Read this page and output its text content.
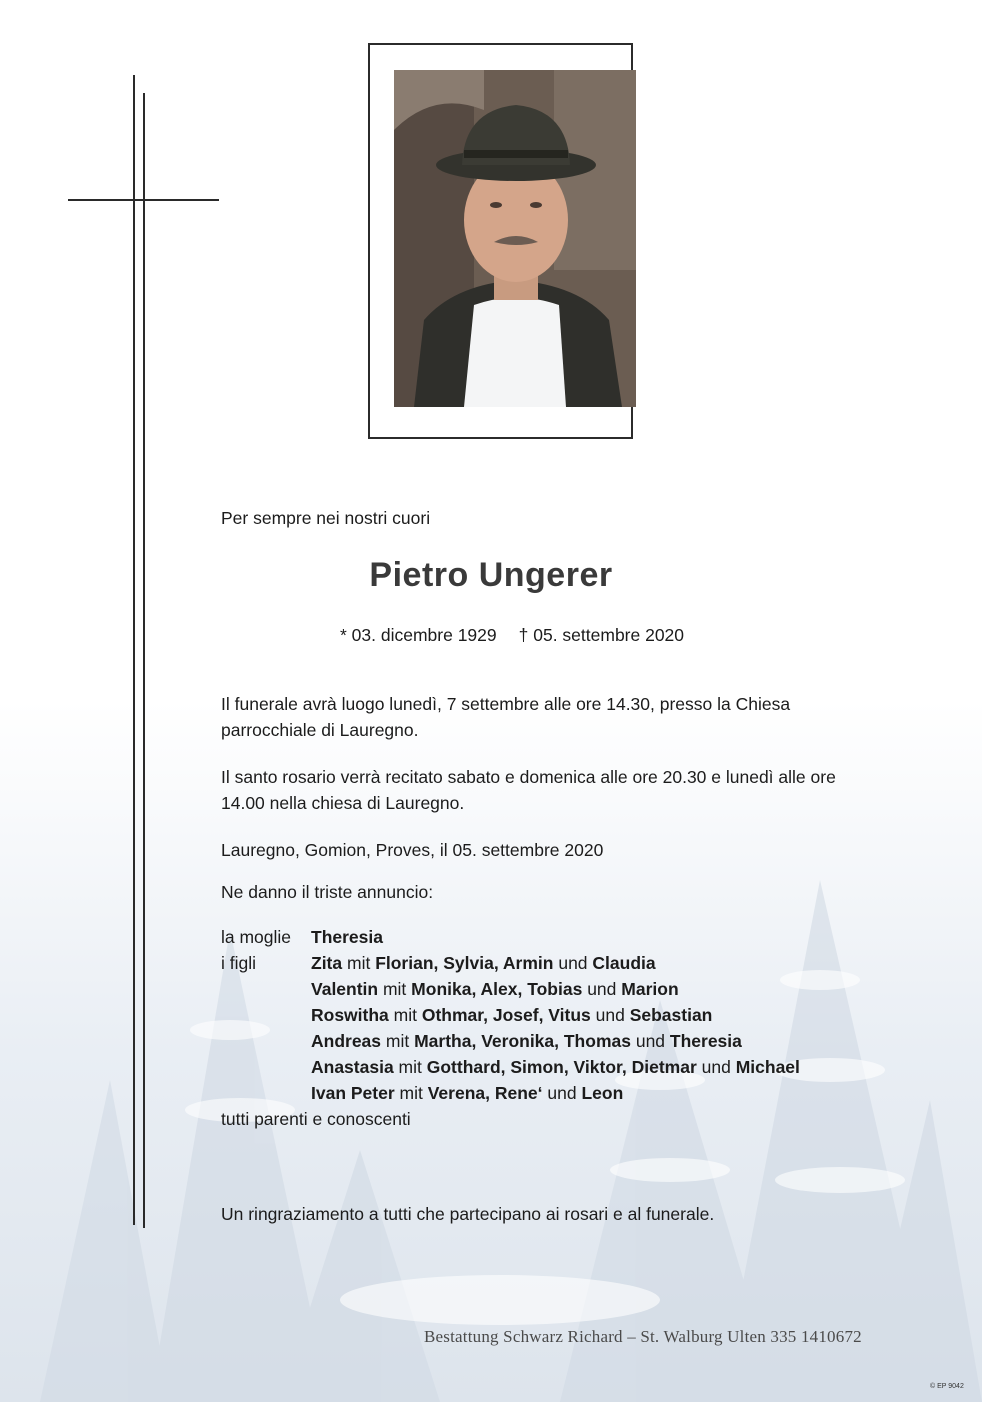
Per sempre nei nostri cuori
Pietro Ungerer
* 03. dicembre 1929 † 05. settembre 2020
Il funerale avrà luogo lunedì, 7 settembre alle ore 14.30, presso la Chiesa parrocchiale di Lauregno.
Il santo rosario verrà recitato sabato e domenica alle ore 20.30 e lunedì alle ore 14.00 nella chiesa di Lauregno.
Lauregno, Gomion, Proves, il 05. settembre 2020
Ne danno il triste annuncio:
la moglie	Theresia
i figli	Zita mit Florian, Sylvia, Armin und Claudia
Valentin mit Monika, Alex, Tobias und Marion
Roswitha mit Othmar, Josef, Vitus und Sebastian
Andreas mit Martha, Veronika, Thomas und Theresia
Anastasia mit Gotthard, Simon, Viktor, Dietmar und Michael
Ivan Peter mit Verena, Rene‘ und Leon
tutti parenti e conoscenti
Un ringraziamento a tutti che partecipano ai rosari e al funerale.
Bestattung Schwarz Richard – St. Walburg Ulten 335 1410672
© EP 9042
